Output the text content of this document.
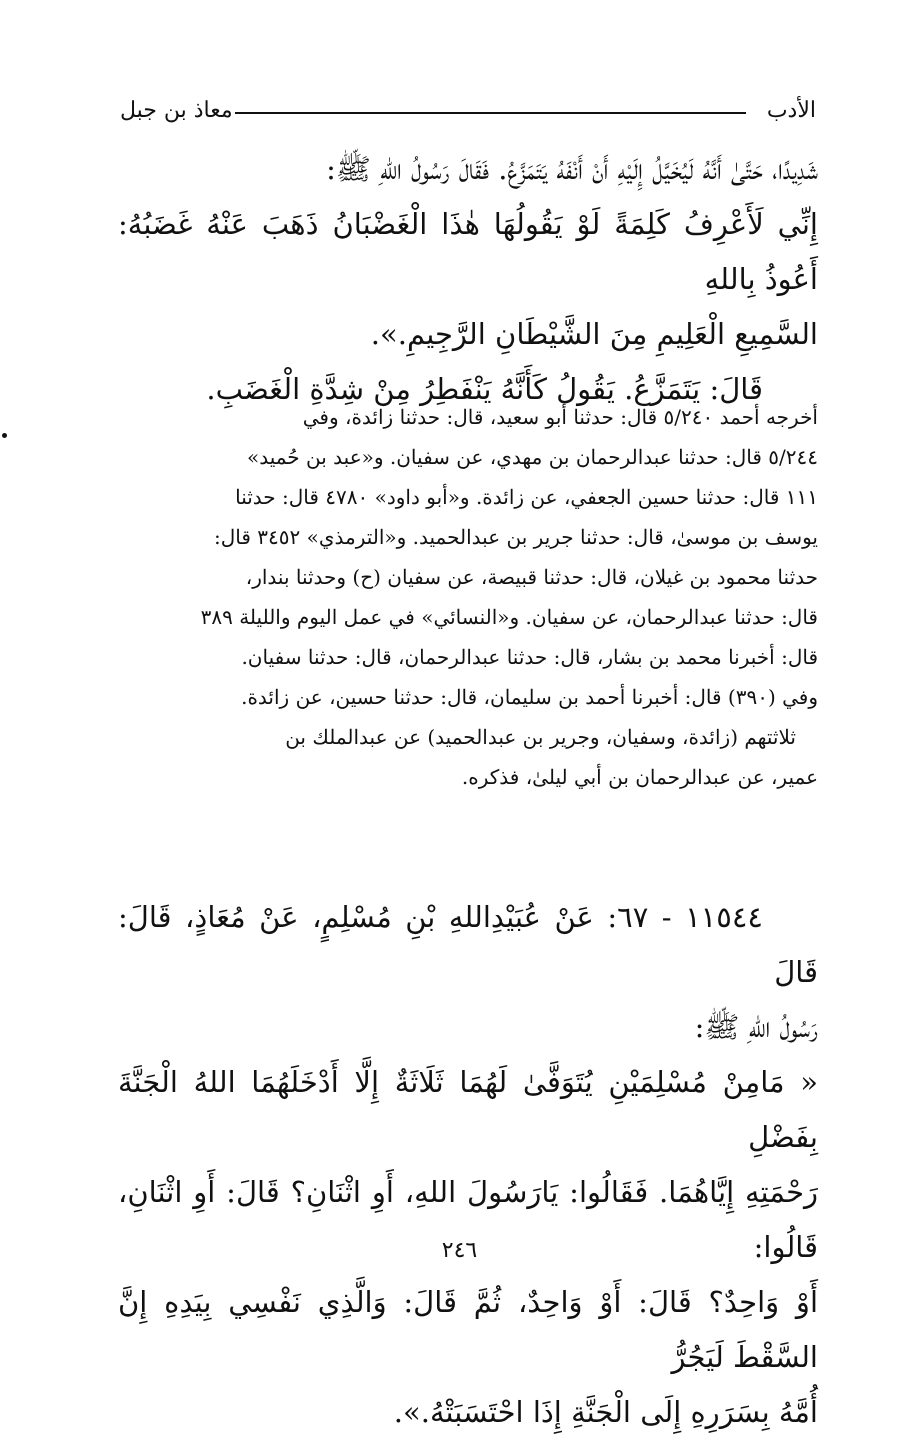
معاذ بن جبل	الأدب

شَدِيدًا، حَتَّىٰ أَنَّهُ لَيُخَيَّلُ إِلَيْهِ أَنْ أَنْفَهُ يَتَمَزَّعُ. فَقَالَ رَسُولُ اللهِ ﷺ:

إِنِّي لَأَعْرِفُ كَلِمَةً لَوْ يَقُولُهَا هٰذَا الْغَضْبَانُ ذَهَبَ عَنْهُ غَضَبُهُ: أَعُوذُ بِاللهِ

السَّمِيعِ الْعَلِيمِ مِنَ الشَّيْطَانِ الرَّجِيمِ.».

قَالَ: يَتَمَزَّعُ. يَقُولُ كَأَنَّهُ يَنْفَطِرُ مِنْ شِدَّةِ الْغَضَبِ.

أخرجه أحمد ٥/٢٤٠ قال: حدثنا أبو سعيد، قال: حدثنا زائدة، وفي

٥/٢٤٤ قال: حدثنا عبدالرحمان بن مهدي، عن سفيان. و«عبد بن حُميد»

١١١ قال: حدثنا حسين الجعفي، عن زائدة. و«أبو داود» ٤٧٨٠ قال: حدثنا

يوسف بن موسىٰ، قال: حدثنا جرير بن عبدالحميد. و«الترمذي» ٣٤٥٢ قال:

حدثنا محمود بن غيلان، قال: حدثنا قبيصة، عن سفيان (ح) وحدثنا بندار،

قال: حدثنا عبدالرحمان، عن سفيان. و«النسائي» في عمل اليوم والليلة ٣٨٩

قال: أخبرنا محمد بن بشار، قال: حدثنا عبدالرحمان، قال: حدثنا سفيان.

وفي (٣٩٠) قال: أخبرنا أحمد بن سليمان، قال: حدثنا حسين، عن زائدة.

ثلاثتهم (زائدة، وسفيان، وجرير بن عبدالحميد) عن عبدالملك بن

عمير، عن عبدالرحمان بن أبي ليلىٰ، فذكره.

١١٥٤٤ - ٦٧: عَنْ عُبَيْدِاللهِ بْنِ مُسْلِمٍ، عَنْ مُعَاذٍ، قَالَ: قَالَ

رَسُولُ اللهِ ﷺ:

« مَامِنْ مُسْلِمَيْنِ يُتَوَفَّىٰ لَهُمَا ثَلَاثَةٌ إِلَّا أَدْخَلَهُمَا اللهُ الْجَنَّةَ بِفَضْلِ

رَحْمَتِهِ إِيَّاهُمَا. فَقَالُوا: يَارَسُولَ اللهِ، أَوِ اثْنَانِ؟ قَالَ: أَوِ اثْنَانِ، قَالُوا:

أَوْ وَاحِدٌ؟ قَالَ: أَوْ وَاحِدٌ، ثُمَّ قَالَ: وَالَّذِي نَفْسِي بِيَدِهِ إِنَّ السَّقْطَ لَيَجُرُّ

أُمَّهُ بِسَرَرِهِ إِلَى الْجَنَّةِ إِذَا احْتَسَبَتْهُ.».

٢٤٦
